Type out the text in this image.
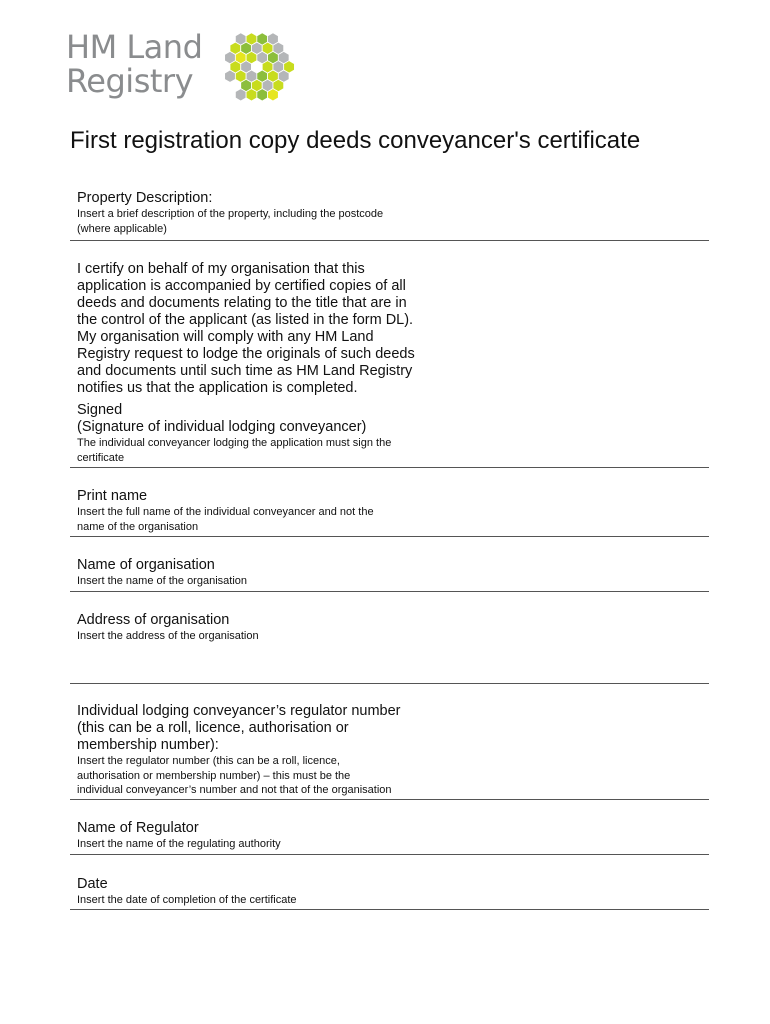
HM Land
Registry
First registration copy deeds conveyancer's certificate

Property Description:

Insert a brief description of the property, including the postcode

(where applicable)

I certify on behalf of my organisation that this
application is accompanied by certified copies of all
deeds and documents relating to the title that are in
the control of the applicant (as listed in the form DL).
My organisation will comply with any HM Land
Registry request to lodge the originals of such deeds
and documents until such time as HM Land Registry
notifies us that the application is completed.

Signed

(Signature of individual lodging conveyancer)

The individual conveyancer lodging the application must sign the

certificate

Print name

Insert the full name of the individual conveyancer and not the

name of the organisation

Name of organisation

Insert the name of the organisation

Address of organisation

Insert the address of the organisation

Individual lodging conveyancer’s regulator number

(this can be a roll, licence, authorisation or

membership number):

Insert the regulator number (this can be a roll, licence,

authorisation or membership number) – this must be the

individual conveyancer’s number and not that of the organisation

Name of Regulator

Insert the name of the regulating authority

Date

Insert the date of completion of the certificate
